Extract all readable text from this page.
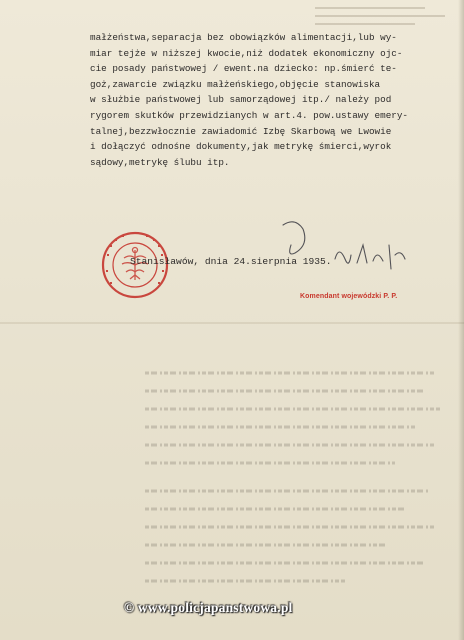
małżeństwa,separacja bez obowiązków alimentacji,lub wy-
miar tejże w niższej kwocie,niż dodatek ekonomiczny ojc-
cie posady państwowej / ewent.na dziecko: np.śmierć te-
goż,zawarcie związku małżeńskiego,objęcie stanowiska
w służbie państwowej lub samorządowej itp./ należy pod
rygorem skutków przewidzianych w art.4. pow.ustawy emery-
talnej,bezzwłocznie zawiadomić Izbę Skarbową we Lwowie
i dołączyć odnośne dokumenty,jak metrykę śmierci,wyrok
sądowy,metrykę ślubu itp.
Stanisławów, dnia 24.sierpnia 1935.
Komendant wojewódzki P. P.
© www.policjapanstwowa.pl
